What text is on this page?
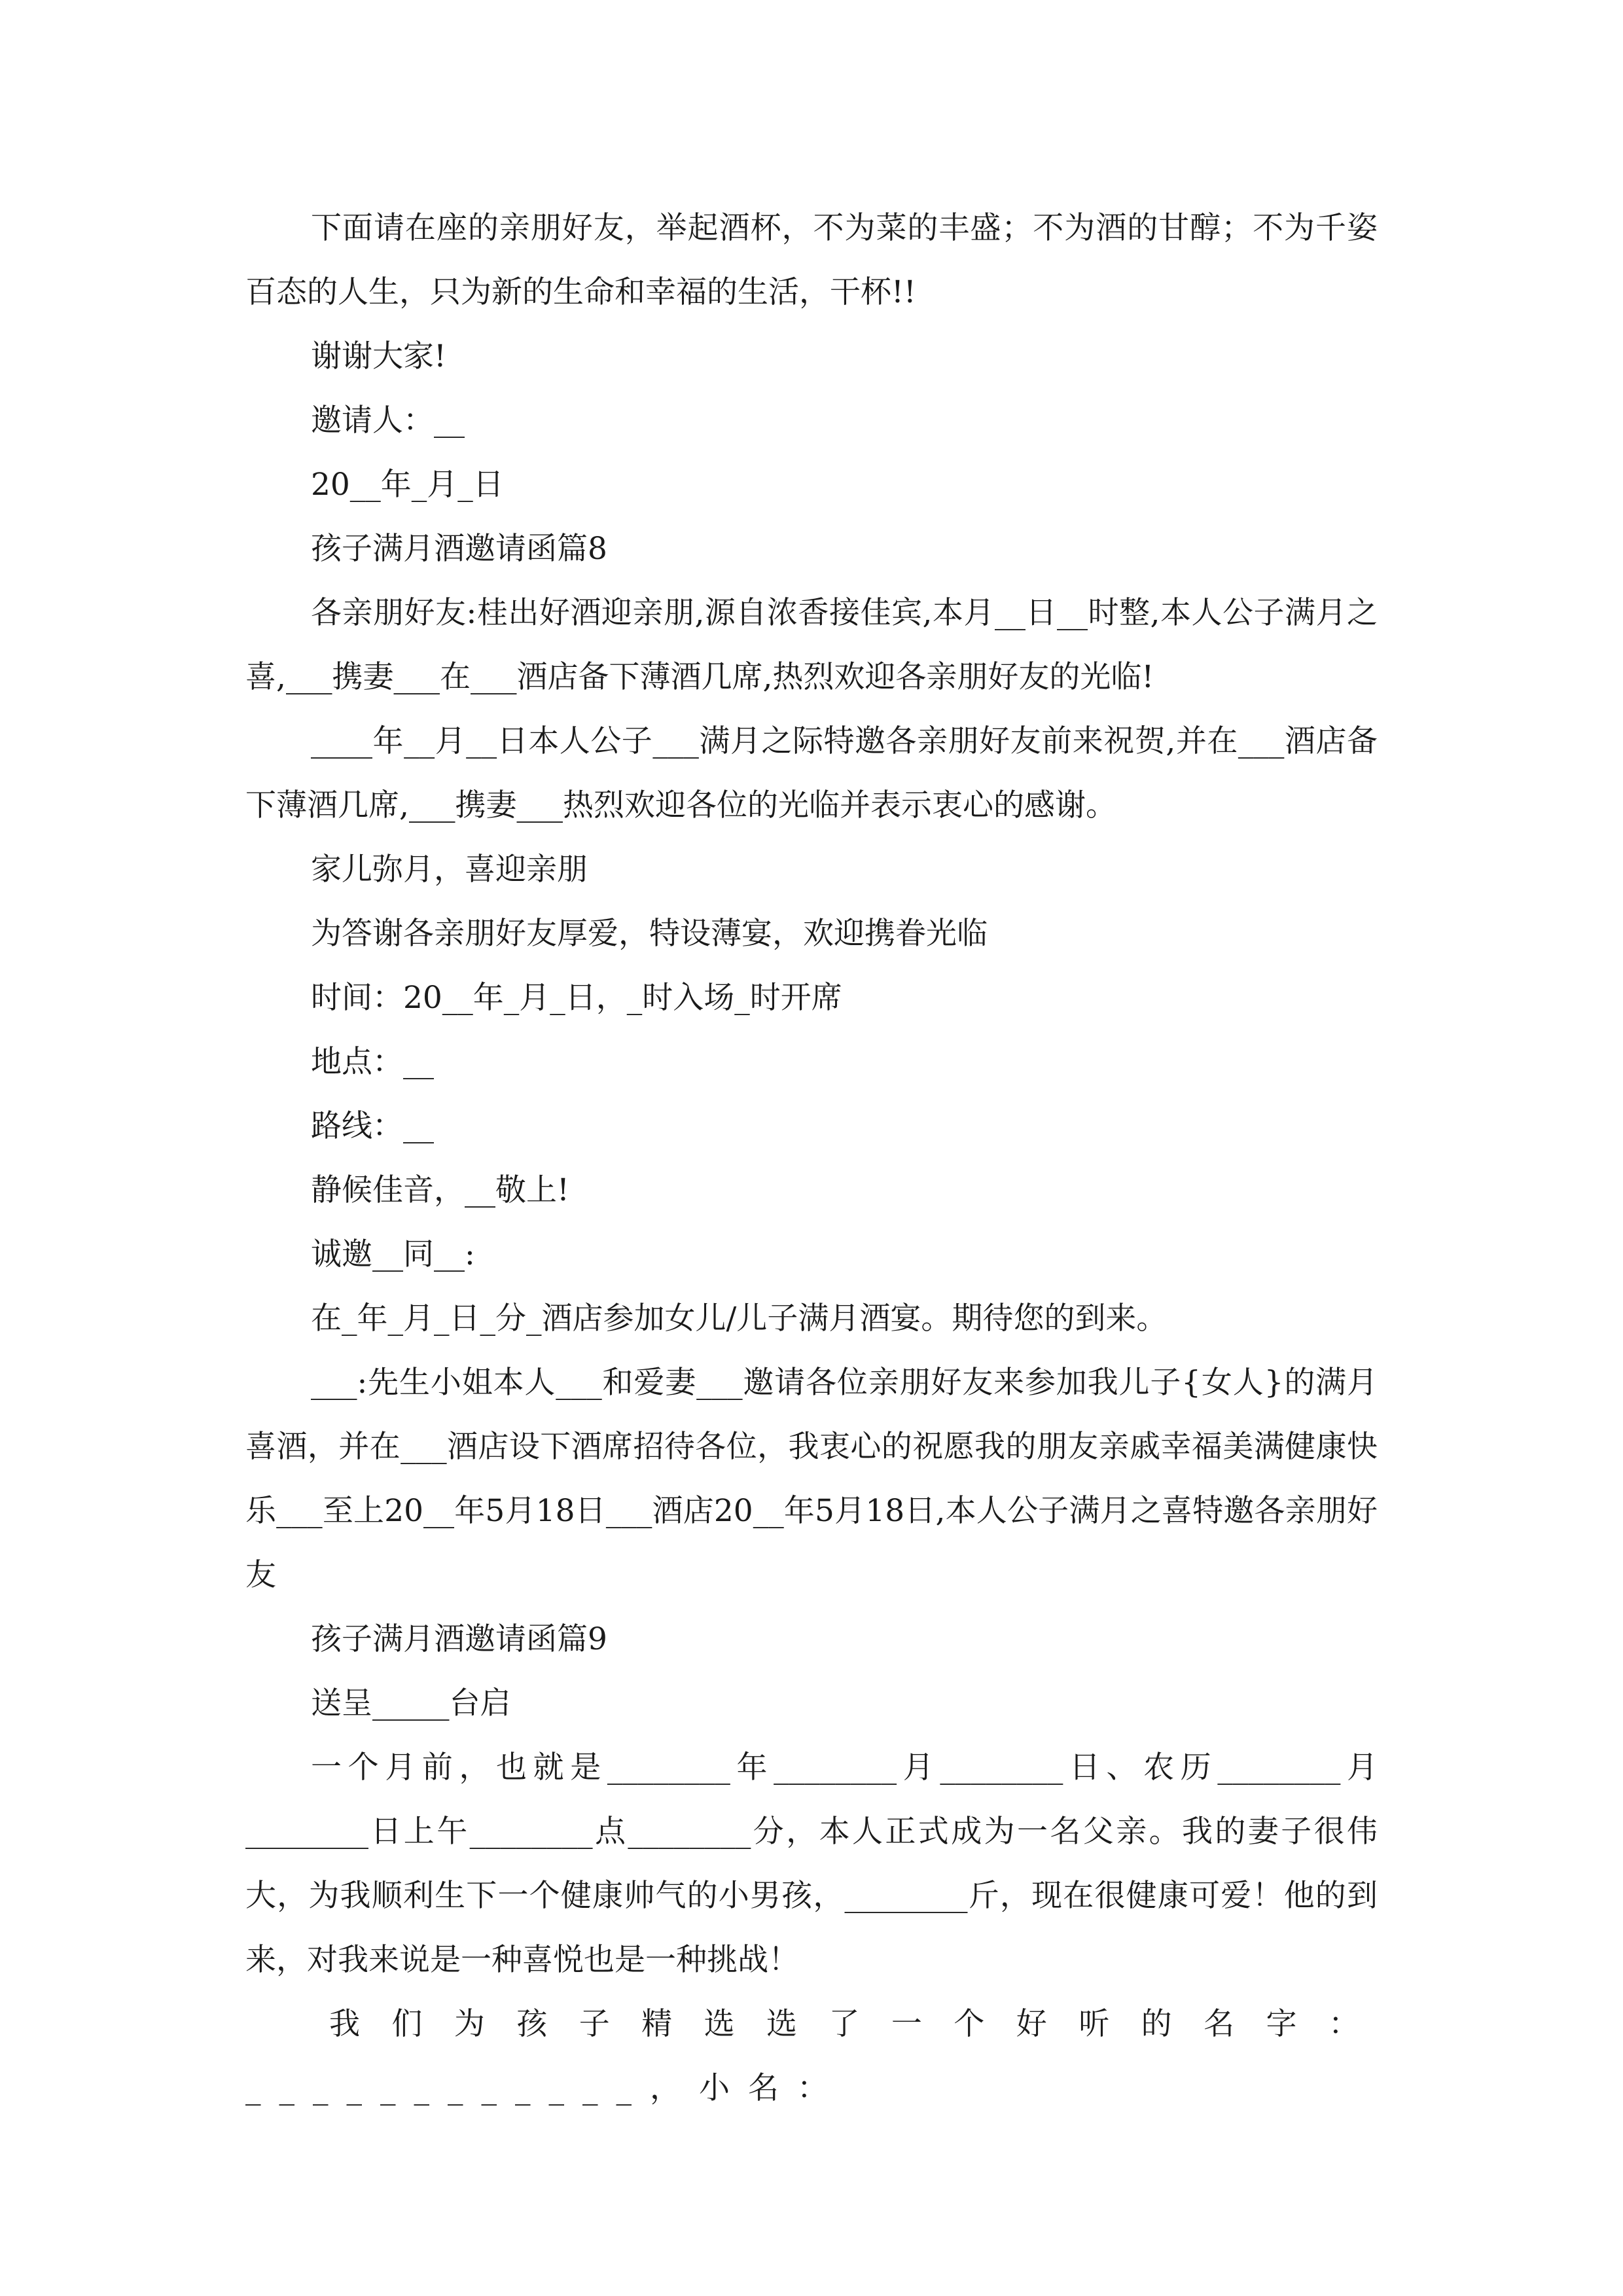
下面请在座的亲朋好友，举起酒杯，不为菜的丰盛；不为酒的甘醇；不为千姿百态的人生，只为新的生命和幸福的生活，干杯!!

谢谢大家!

邀请人：__

20__年_月_日

孩子满月酒邀请函篇8

各亲朋好友:桂出好酒迎亲朋,源自浓香接佳宾,本月__日__时整,本人公子满月之喜,___携妻___在___酒店备下薄酒几席,热烈欢迎各亲朋好友的光临!

____年__月__日本人公子___满月之际特邀各亲朋好友前来祝贺,并在___酒店备下薄酒几席,___携妻___热烈欢迎各位的光临并表示衷心的感谢。

家儿弥月，喜迎亲朋

为答谢各亲朋好友厚爱，特设薄宴，欢迎携眷光临

时间：20__年_月_日，_时入场_时开席

地点：__

路线：__

静候佳音，__敬上!

诚邀__同__:

在_年_月_日_分_酒店参加女儿/儿子满月酒宴。期待您的到来。

___:先生小姐本人___和爱妻___邀请各位亲朋好友来参加我儿子{女人}的满月喜酒，并在___酒店设下酒席招待各位，我衷心的祝愿我的朋友亲戚幸福美满健康快乐___至上20__年5月18日___酒店20__年5月18日,本人公子满月之喜特邀各亲朋好友

孩子满月酒邀请函篇9

送呈_____台启

一个月前，也就是________年________月________日、农历________月________日上午________点________分，本人正式成为一名父亲。我的妻子很伟大，为我顺利生下一个健康帅气的小男孩，________斤，现在很健康可爱！他的到来，对我来说是一种喜悦也是一种挑战！

我们为孩子精选选了一个好听的名字：____________，小名：
